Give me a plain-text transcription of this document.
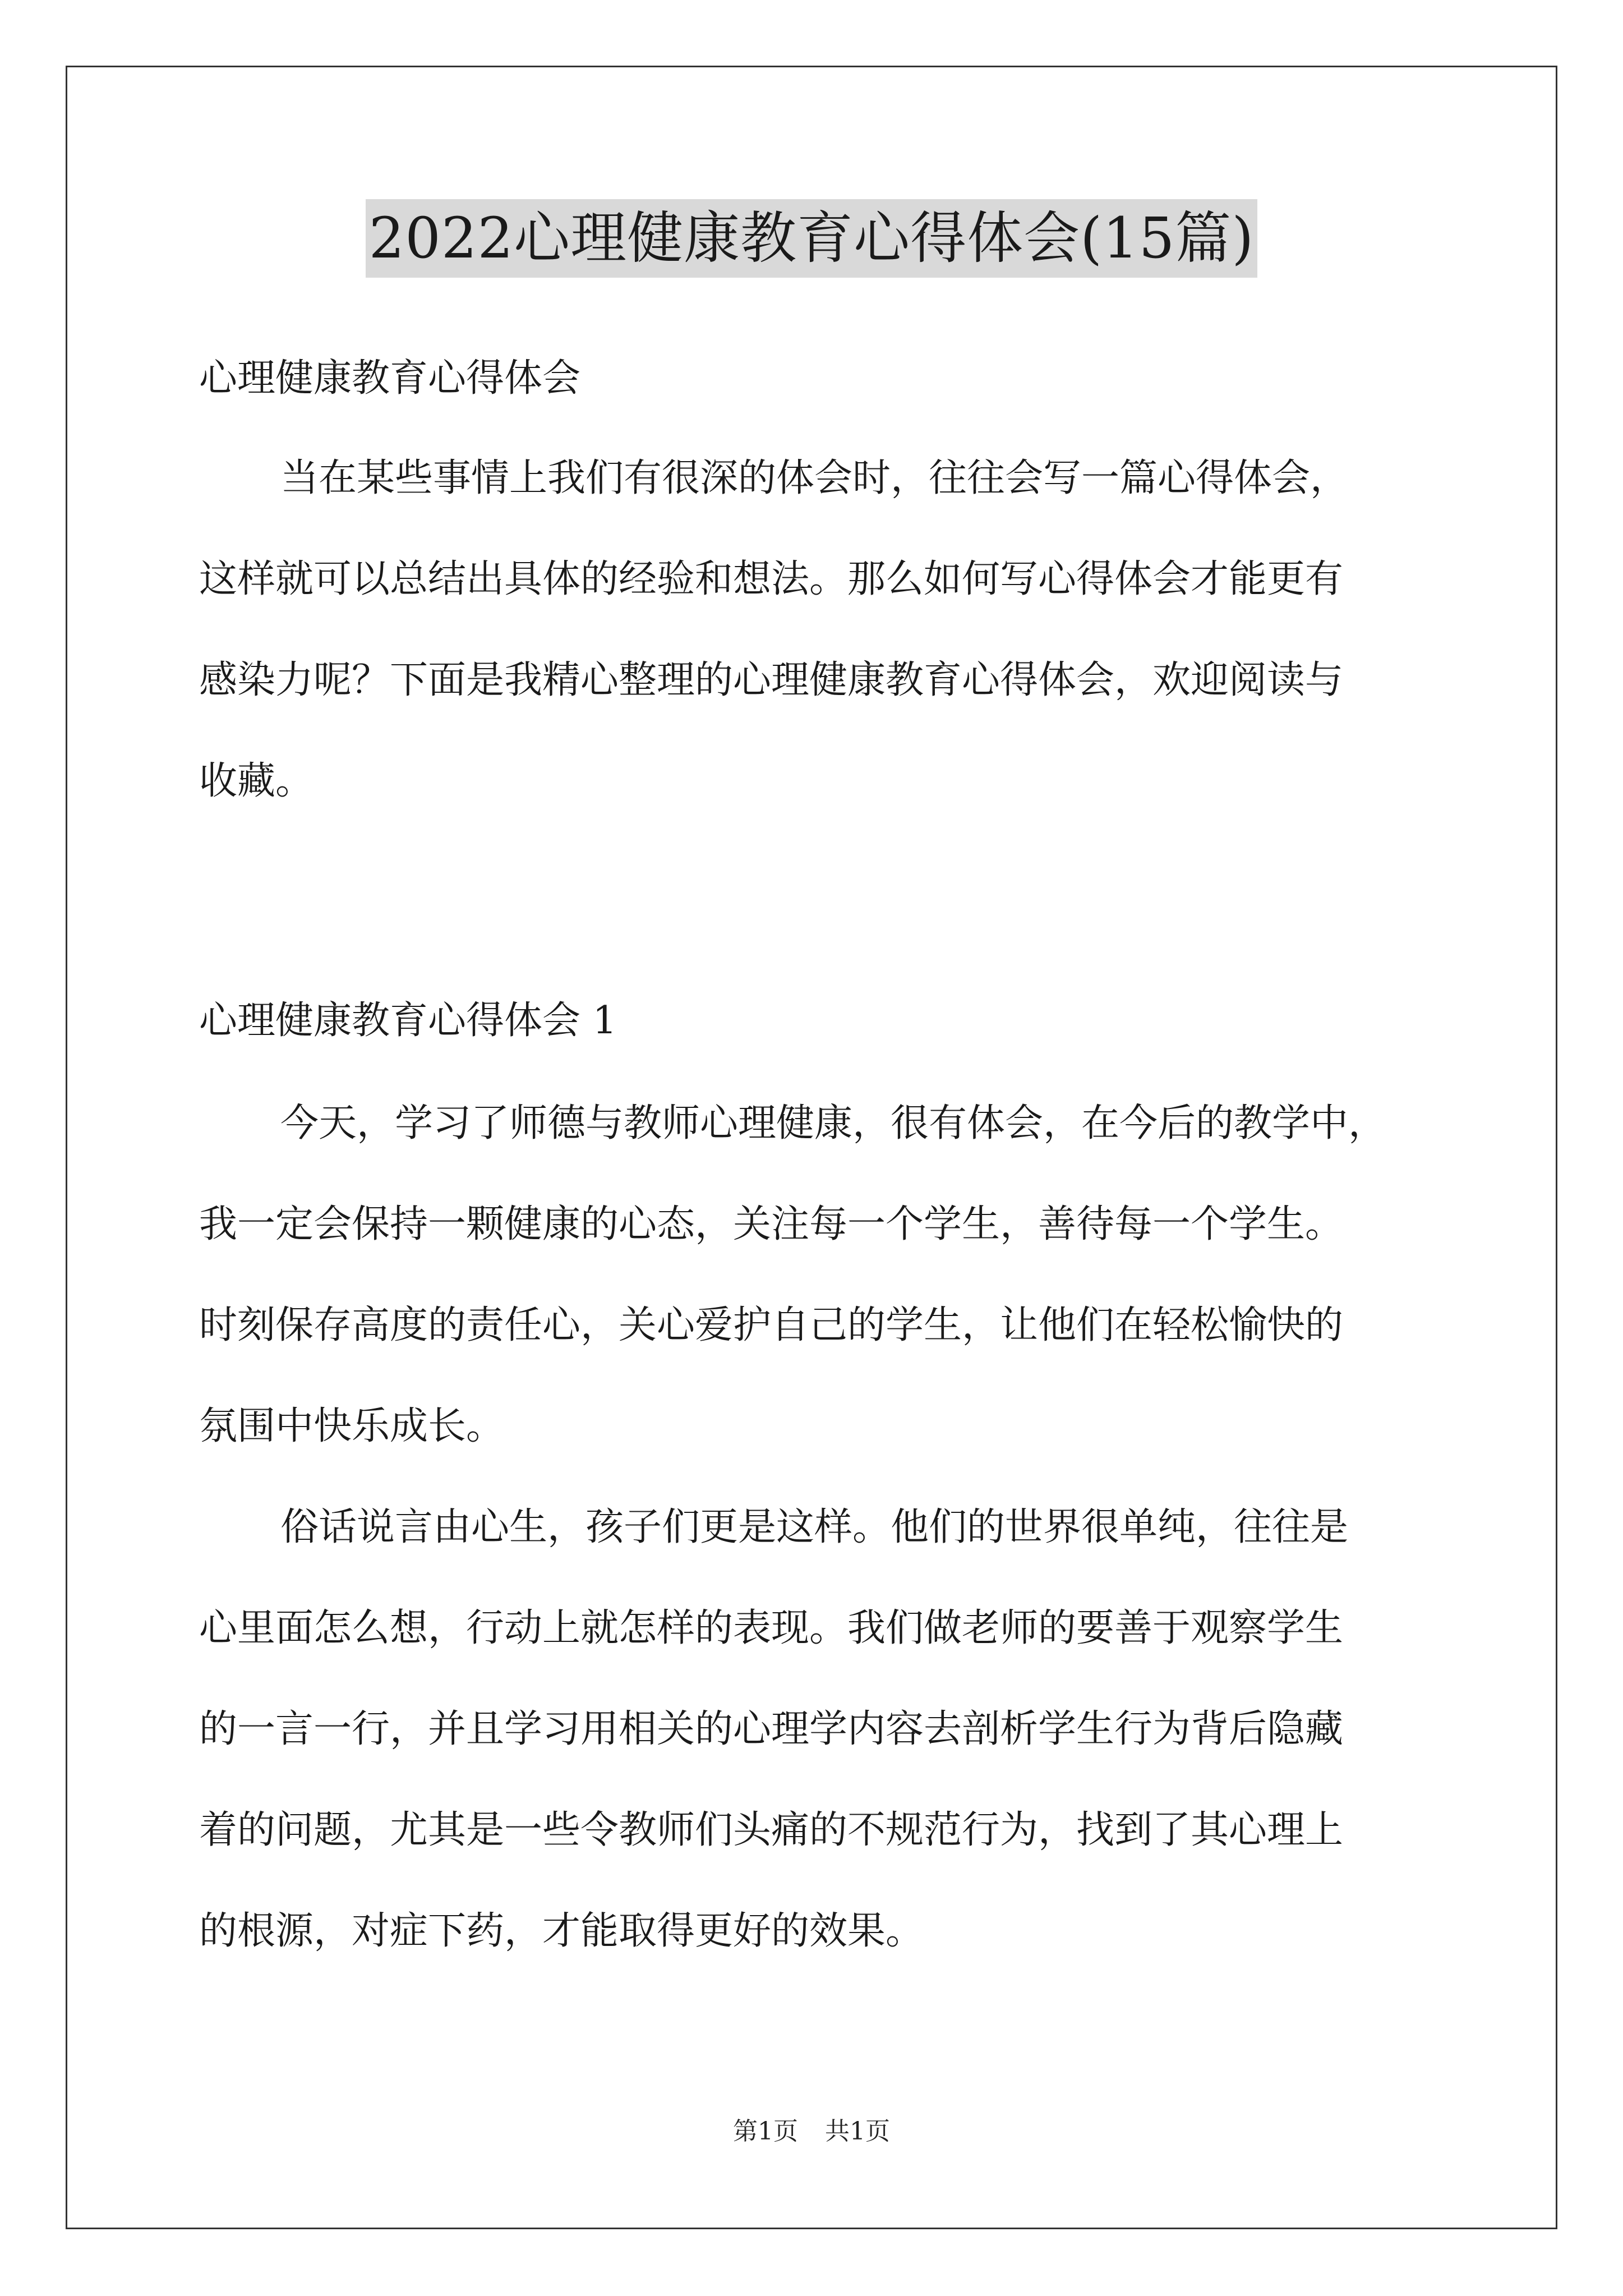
2022心理健康教育心得体会(15篇)
心理健康教育心得体会
当在某些事情上我们有很深的体会时，往往会写一篇心得体会，
这样就可以总结出具体的经验和想法。那么如何写心得体会才能更有
感染力呢？下面是我精心整理的心理健康教育心得体会，欢迎阅读与
收藏。
心理健康教育心得体会 1
今天，学习了师德与教师心理健康，很有体会，在今后的教学中，
我一定会保持一颗健康的心态，关注每一个学生，善待每一个学生。
时刻保存高度的责任心，关心爱护自己的学生，让他们在轻松愉快的
氛围中快乐成长。
俗话说言由心生，孩子们更是这样。他们的世界很单纯，往往是
心里面怎么想，行动上就怎样的表现。我们做老师的要善于观察学生
的一言一行，并且学习用相关的心理学内容去剖析学生行为背后隐藏
着的问题，尤其是一些令教师们头痛的不规范行为，找到了其心理上
的根源，对症下药，才能取得更好的效果。
第1页 共1页
